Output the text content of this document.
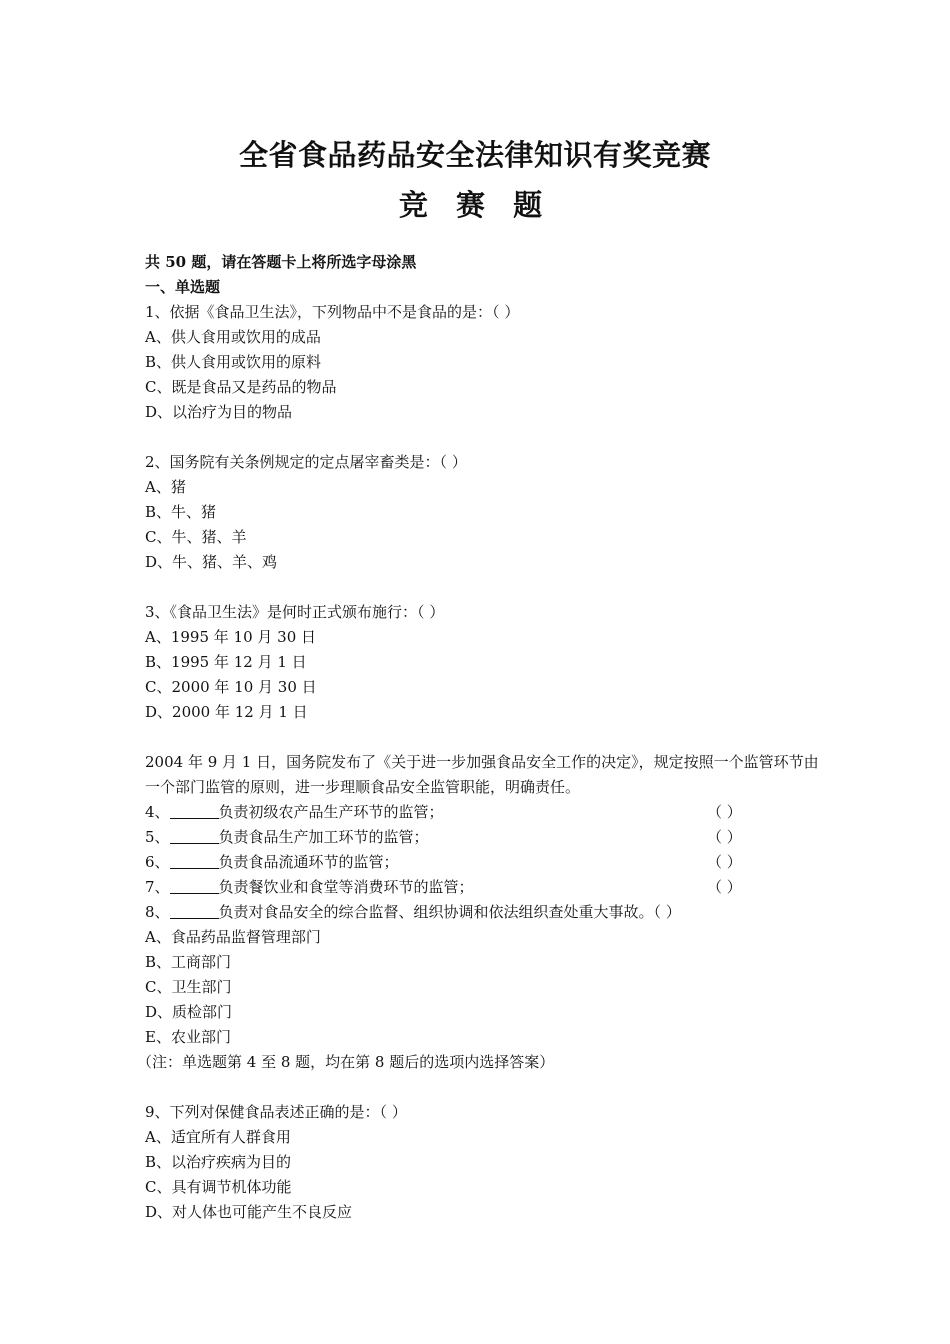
全省食品药品安全法律知识有奖竞赛
竞 赛 题
共 50 题，请在答题卡上将所选字母涂黑
一、单选题
1、依据《食品卫生法》，下列物品中不是食品的是：（ ）
A、供人食用或饮用的成品
B、供人食用或饮用的原料
C、既是食品又是药品的物品
D、以治疗为目的物品
2、国务院有关条例规定的定点屠宰畜类是：（ ）
A、猪
B、牛、猪
C、牛、猪、羊
D、牛、猪、羊、鸡
3、《食品卫生法》是何时正式颁布施行：（ ）
A、1995 年 10 月 30 日
B、1995 年 12 月 1 日
C、2000 年 10 月 30 日
D、2000 年 12 月 1 日
2004 年 9 月 1 日，国务院发布了《关于进一步加强食品安全工作的决定》，规定按照一个监管环节由一个部门监管的原则，进一步理顺食品安全监管职能，明确责任。
4、	负责初级农产品生产环节的监管；	（ ）
5、	负责食品生产加工环节的监管；	（ ）
6、	负责食品流通环节的监管；	（ ）
7、	负责餐饮业和食堂等消费环节的监管；	（ ）
8、	负责对食品安全的综合监督、组织协调和依法组织查处重大事故。（ ）
A、食品药品监督管理部门
B、工商部门
C、卫生部门
D、质检部门
E、农业部门
（注：单选题第 4 至 8 题，均在第 8 题后的选项内选择答案）
9、下列对保健食品表述正确的是：（ ）
A、适宜所有人群食用
B、以治疗疾病为目的
C、具有调节机体功能
D、对人体也可能产生不良反应
